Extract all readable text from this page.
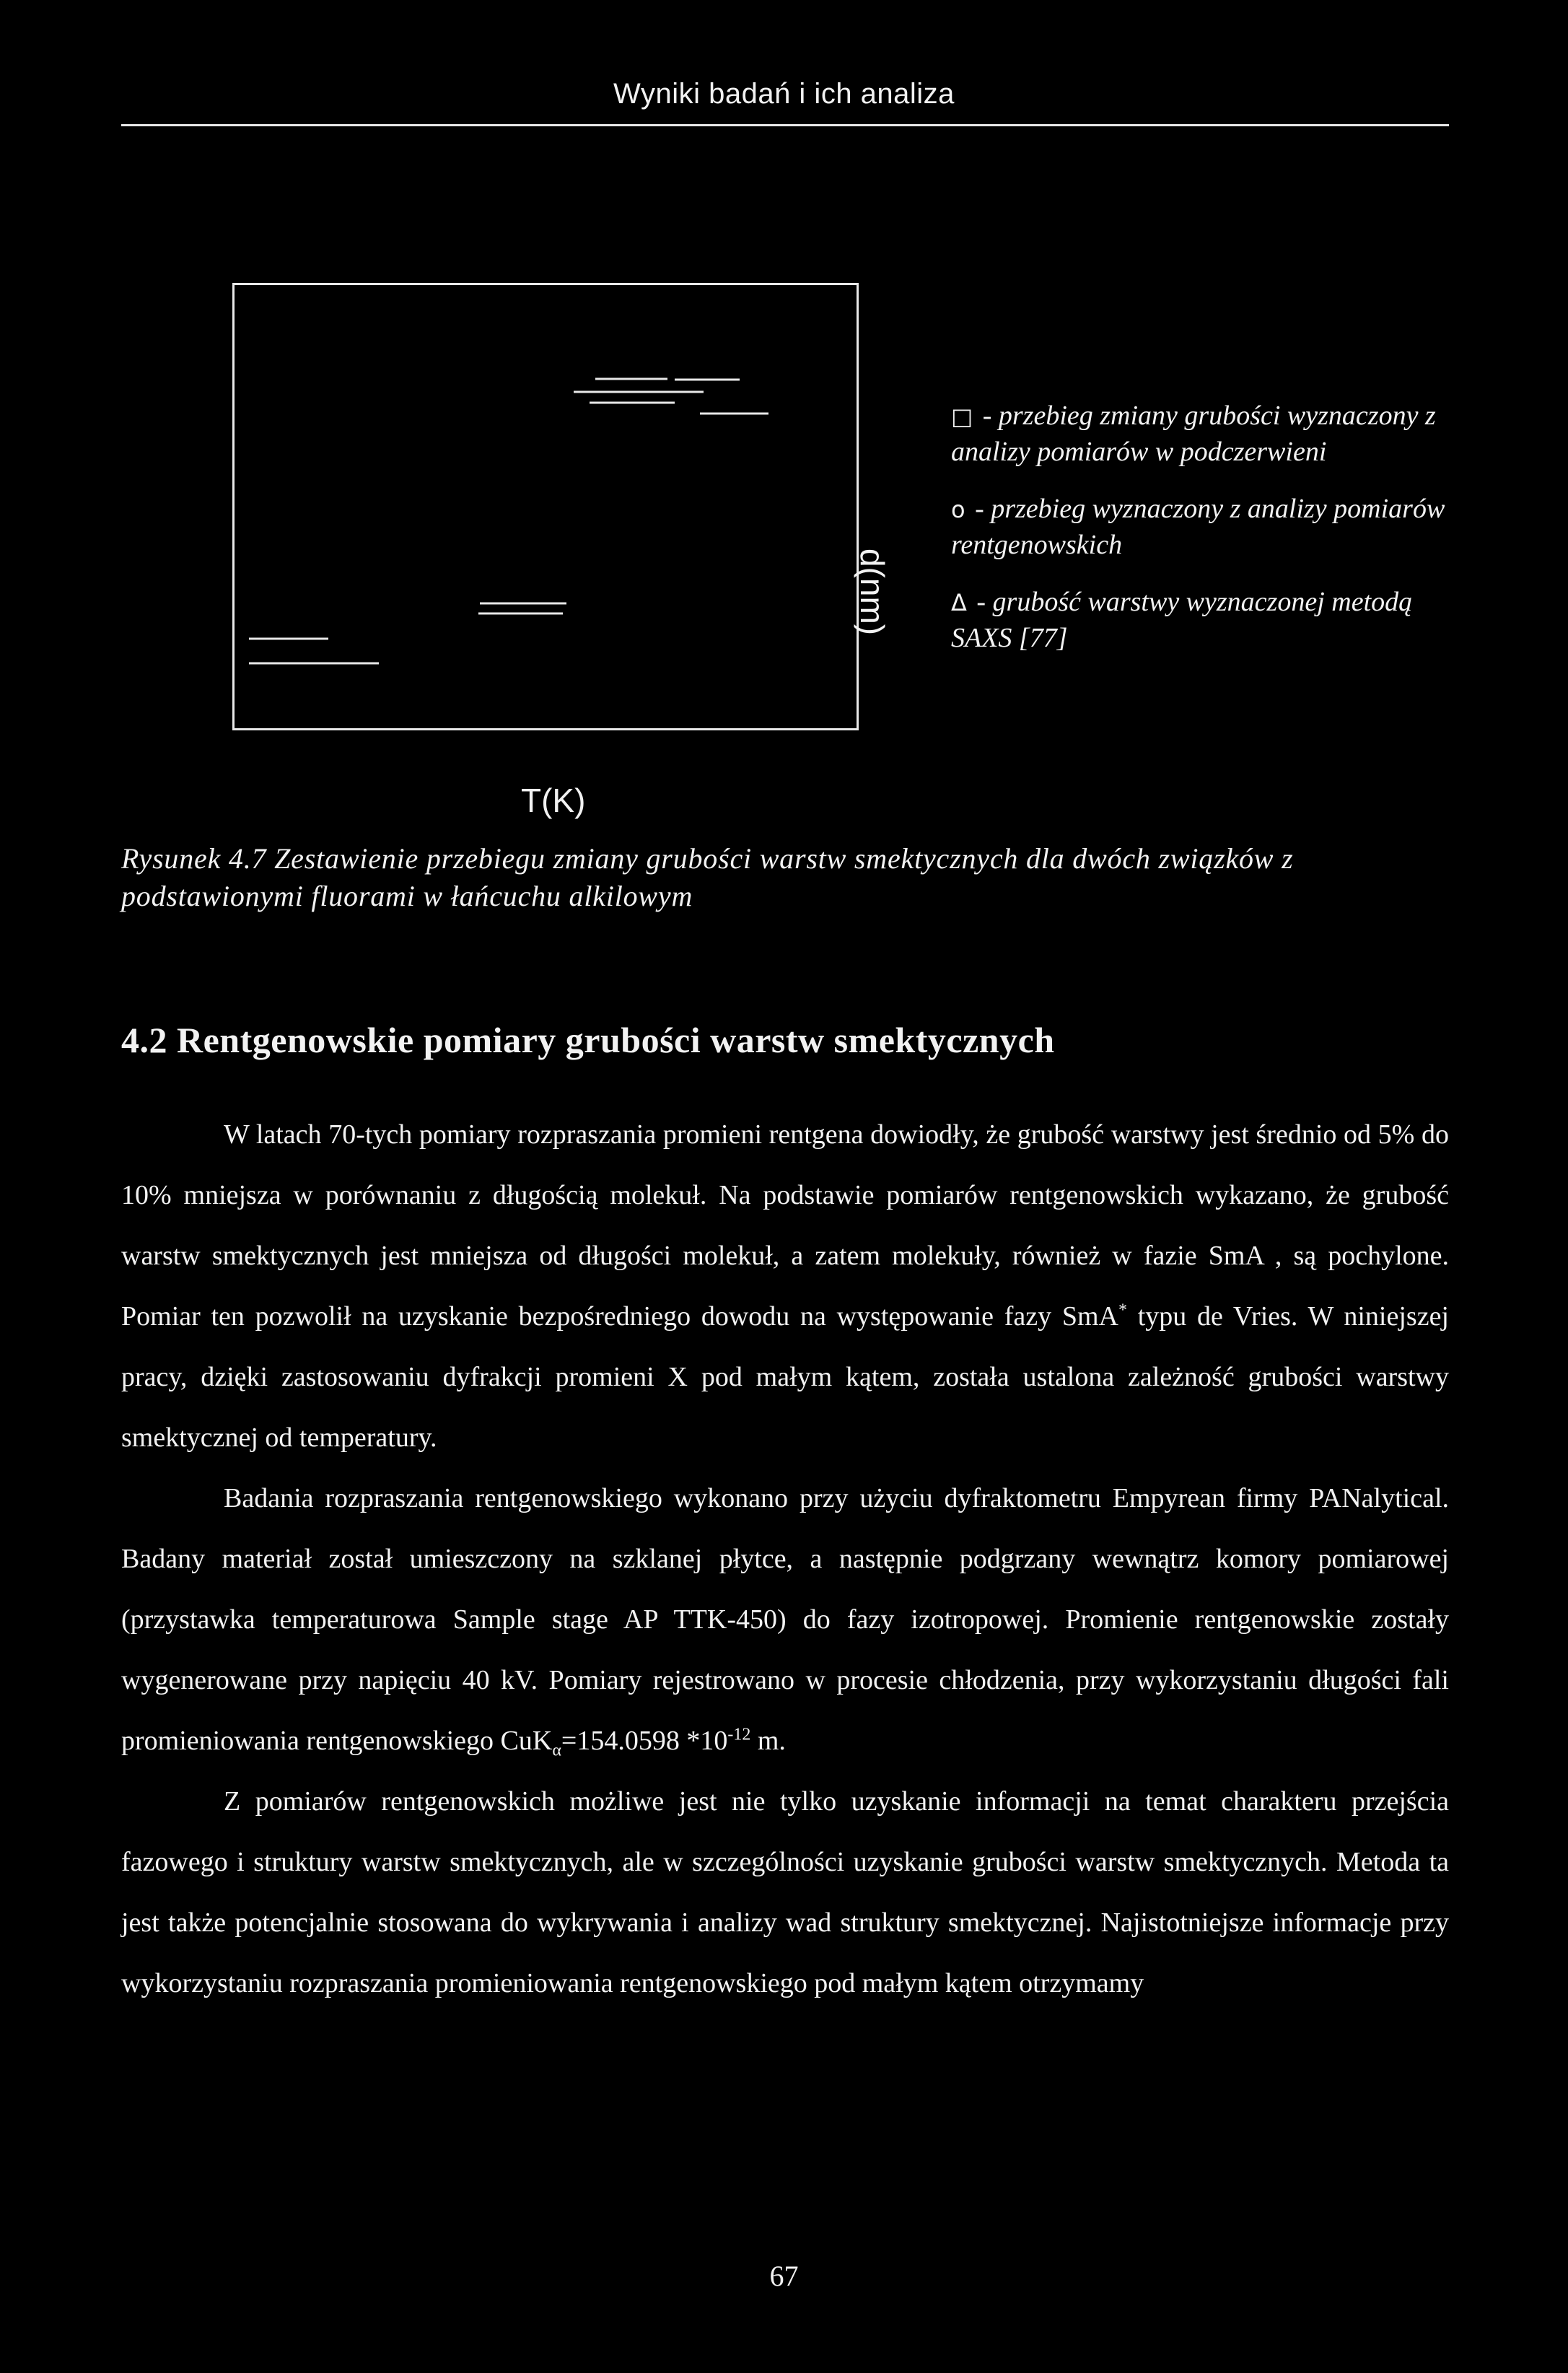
Wyniki badań i ich analiza
T(K)
d(nm)
□ - przebieg zmiany grubości wyznaczony z analizy pomiarów w podczerwieni
o - przebieg wyznaczony z analizy pomiarów rentgenowskich
Δ - grubość warstwy wyznaczonej metodą SAXS [77]
Rysunek 4.7 Zestawienie przebiegu zmiany grubości warstw smektycznych dla dwóch związków z podstawionymi fluorami w łańcuchu alkilowym
4.2 Rentgenowskie pomiary grubości warstw smektycznych

W latach 70-tych pomiary rozpraszania promieni rentgena dowiodły, że grubość warstwy jest średnio od 5% do 10% mniejsza w porównaniu z długością molekuł. Na podstawie pomiarów rentgenowskich wykazano, że grubość warstw smektycznych jest mniejsza od długości molekuł, a zatem molekuły, również w fazie SmA , są pochylone. Pomiar ten pozwolił na uzyskanie bezpośredniego dowodu na występowanie fazy SmA* typu de Vries. W niniejszej pracy, dzięki zastosowaniu dyfrakcji promieni X pod małym kątem, została ustalona zależność grubości warstwy smektycznej od temperatury.

Badania rozpraszania rentgenowskiego wykonano przy użyciu dyfraktometru Empyrean firmy PANalytical. Badany materiał został umieszczony na szklanej płytce, a następnie podgrzany wewnątrz komory pomiarowej (przystawka temperaturowa Sample stage AP TTK-450) do fazy izotropowej. Promienie rentgenowskie zostały wygenerowane przy napięciu 40 kV. Pomiary rejestrowano w procesie chłodzenia, przy wykorzystaniu długości fali promieniowania rentgenowskiego CuK$_\alpha$=154.0598 $*10^{-12}$ m.

Z pomiarów rentgenowskich możliwe jest nie tylko uzyskanie informacji na temat charakteru przejścia fazowego i struktury warstw smektycznych, ale w szczególności uzyskanie grubości warstw smektycznych. Metoda ta jest także potencjalnie stosowana do wykrywania i analizy wad struktury smektycznej. Najistotniejsze informacje przy wykorzystaniu rozpraszania promieniowania rentgenowskiego pod małym kątem otrzymamy

67
